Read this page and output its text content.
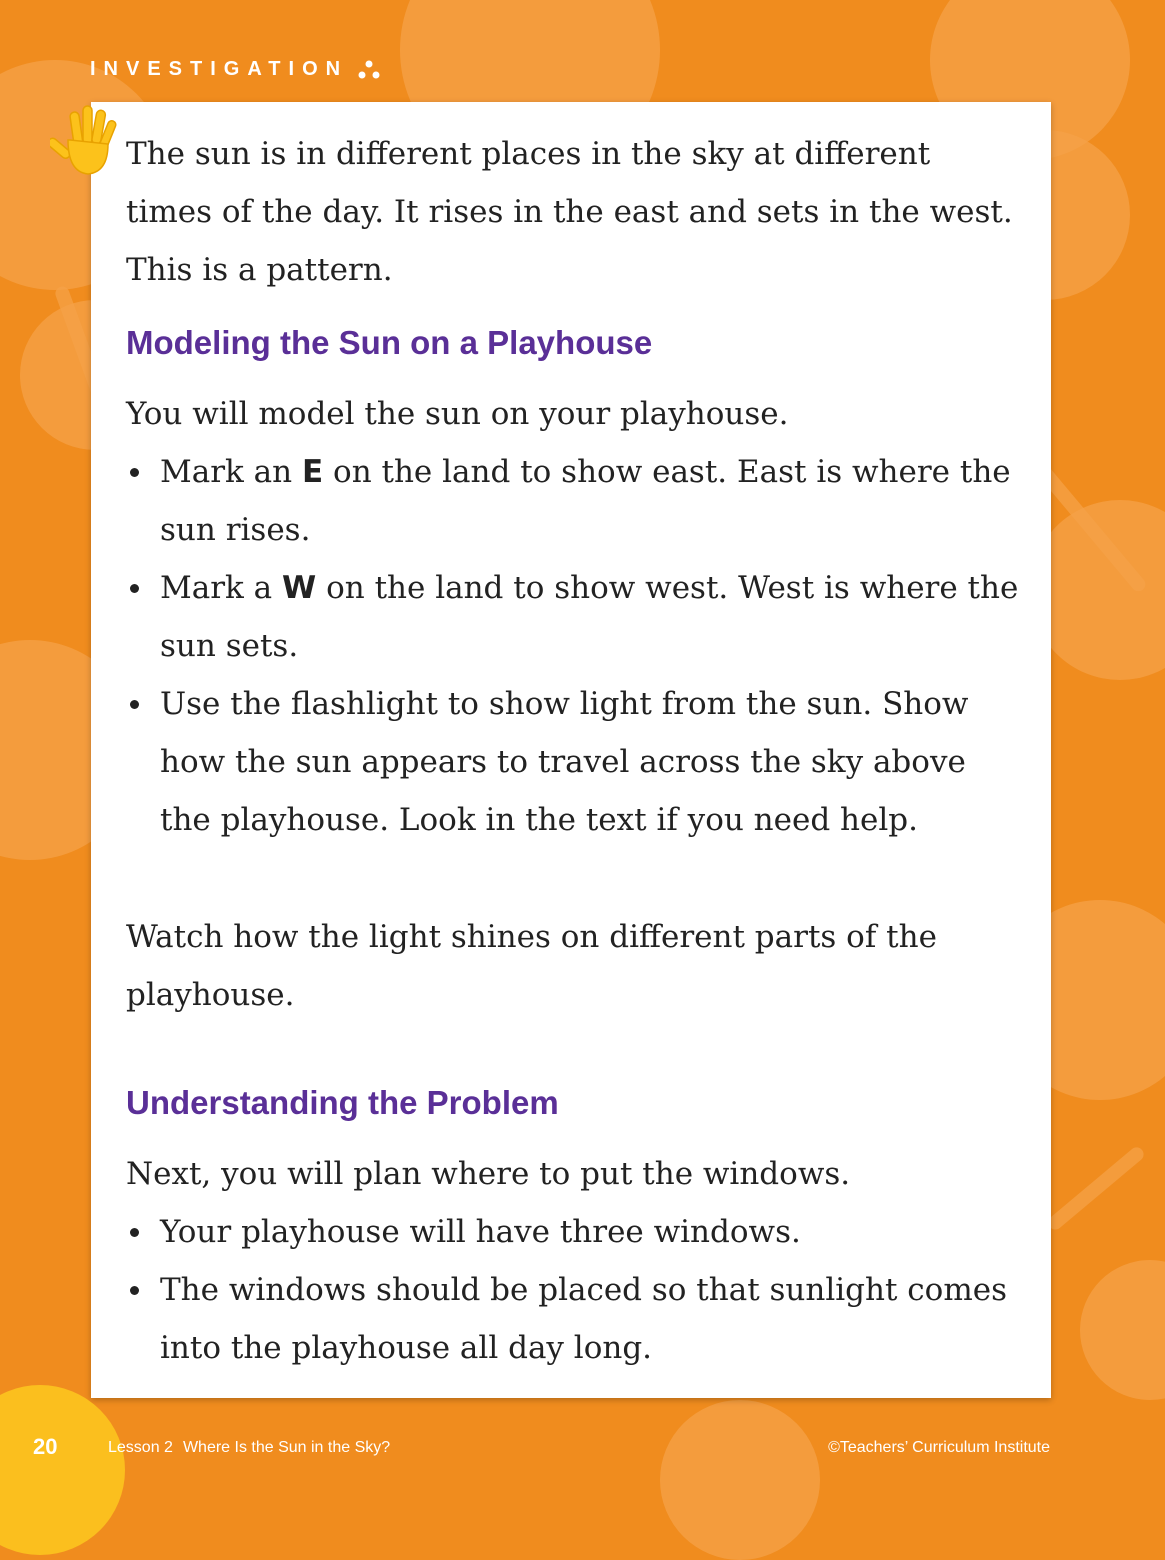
INVESTIGATION

The sun is in different places in the sky at different times of the day. It rises in the east and sets in the west. This is a pattern.

Modeling the Sun on a Playhouse

You will model the sun on your playhouse.

Mark an E on the land to show east. East is where the sun rises.
Mark a W on the land to show west. West is where the sun sets.
Use the flashlight to show light from the sun. Show how the sun appears to travel across the sky above the playhouse. Look in the text if you need help.

Watch how the light shines on different parts of the playhouse.

Understanding the Problem

Next, you will plan where to put the windows.

Your playhouse will have three windows.
The windows should be placed so that sunlight comes into the playhouse all day long.
20	Lesson 2 Where Is the Sun in the Sky?	©Teachers’ Curriculum Institute
